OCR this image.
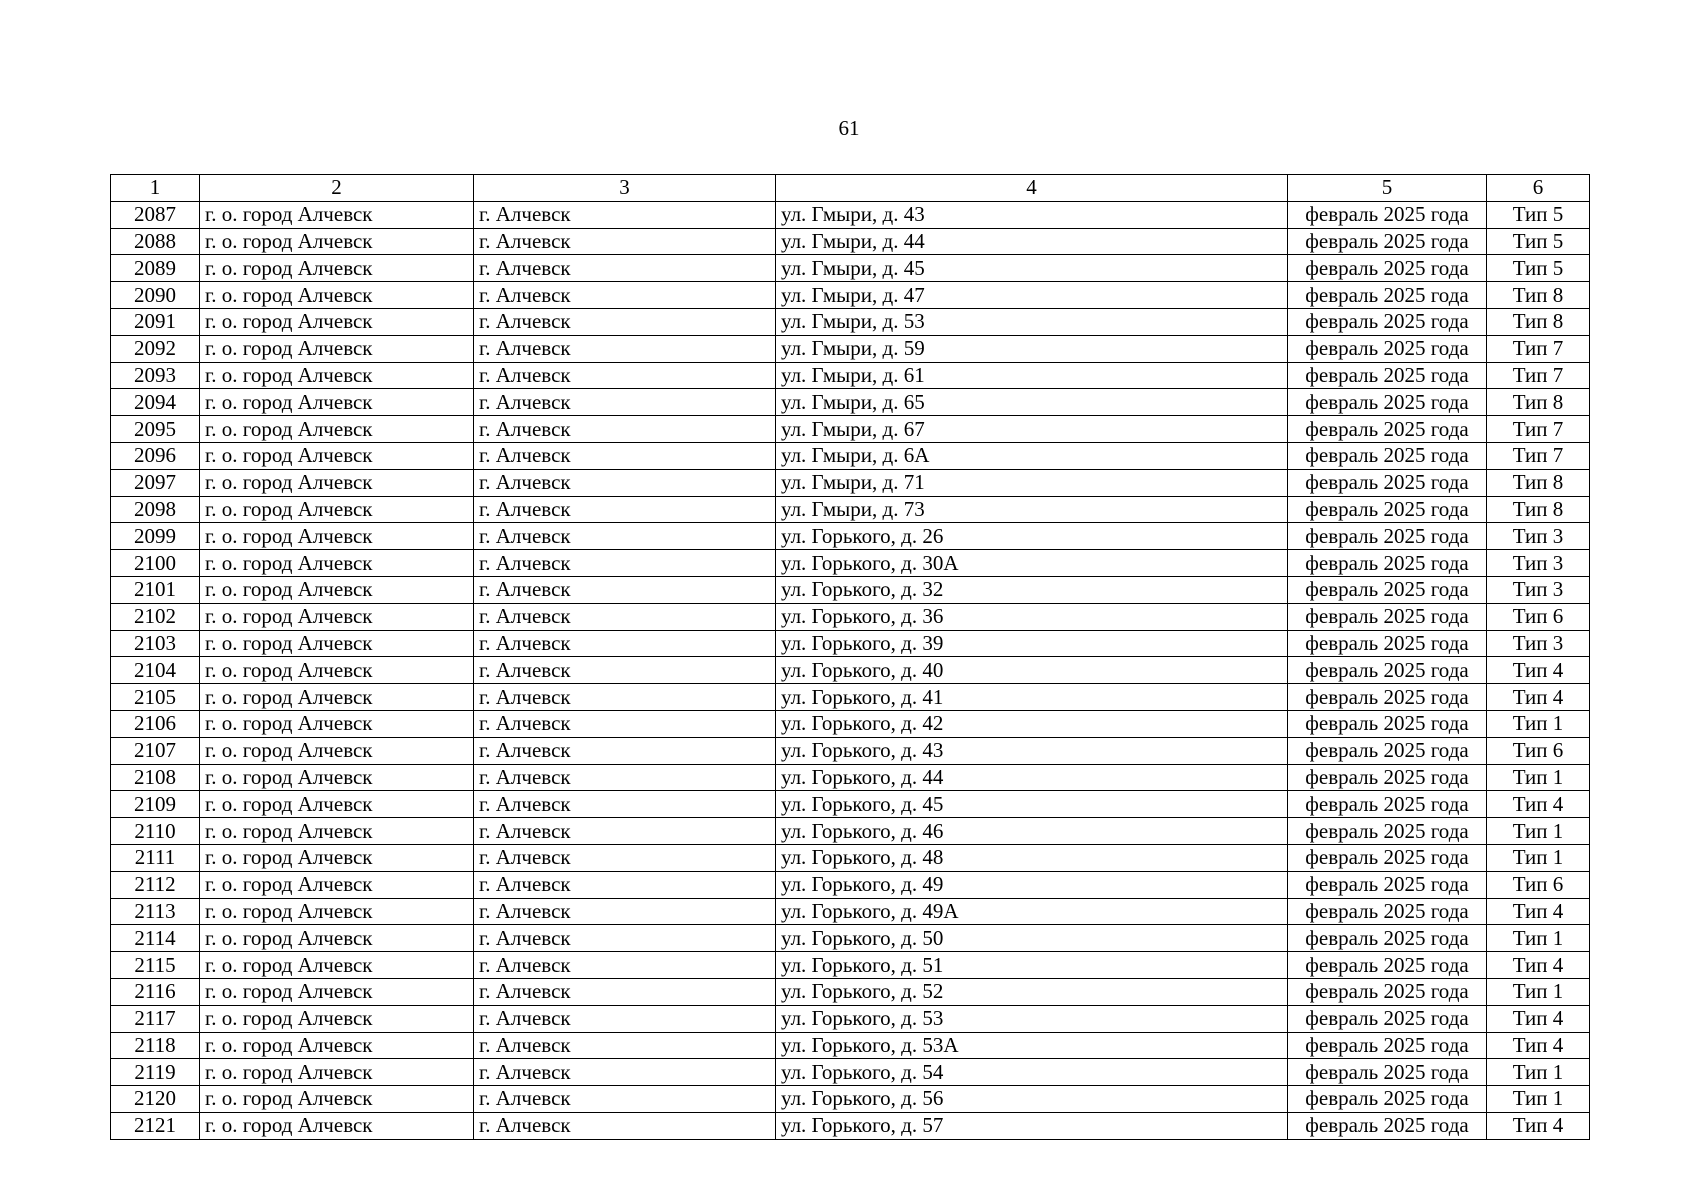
61
1	2	3	4	5	6
2087	г. о. город Алчевск	г. Алчевск	ул. Гмыри, д. 43	февраль 2025 года	Тип 5
2088	г. о. город Алчевск	г. Алчевск	ул. Гмыри, д. 44	февраль 2025 года	Тип 5
2089	г. о. город Алчевск	г. Алчевск	ул. Гмыри, д. 45	февраль 2025 года	Тип 5
2090	г. о. город Алчевск	г. Алчевск	ул. Гмыри, д. 47	февраль 2025 года	Тип 8
2091	г. о. город Алчевск	г. Алчевск	ул. Гмыри, д. 53	февраль 2025 года	Тип 8
2092	г. о. город Алчевск	г. Алчевск	ул. Гмыри, д. 59	февраль 2025 года	Тип 7
2093	г. о. город Алчевск	г. Алчевск	ул. Гмыри, д. 61	февраль 2025 года	Тип 7
2094	г. о. город Алчевск	г. Алчевск	ул. Гмыри, д. 65	февраль 2025 года	Тип 8
2095	г. о. город Алчевск	г. Алчевск	ул. Гмыри, д. 67	февраль 2025 года	Тип 7
2096	г. о. город Алчевск	г. Алчевск	ул. Гмыри, д. 6А	февраль 2025 года	Тип 7
2097	г. о. город Алчевск	г. Алчевск	ул. Гмыри, д. 71	февраль 2025 года	Тип 8
2098	г. о. город Алчевск	г. Алчевск	ул. Гмыри, д. 73	февраль 2025 года	Тип 8
2099	г. о. город Алчевск	г. Алчевск	ул. Горького, д. 26	февраль 2025 года	Тип 3
2100	г. о. город Алчевск	г. Алчевск	ул. Горького, д. 30А	февраль 2025 года	Тип 3
2101	г. о. город Алчевск	г. Алчевск	ул. Горького, д. 32	февраль 2025 года	Тип 3
2102	г. о. город Алчевск	г. Алчевск	ул. Горького, д. 36	февраль 2025 года	Тип 6
2103	г. о. город Алчевск	г. Алчевск	ул. Горького, д. 39	февраль 2025 года	Тип 3
2104	г. о. город Алчевск	г. Алчевск	ул. Горького, д. 40	февраль 2025 года	Тип 4
2105	г. о. город Алчевск	г. Алчевск	ул. Горького, д. 41	февраль 2025 года	Тип 4
2106	г. о. город Алчевск	г. Алчевск	ул. Горького, д. 42	февраль 2025 года	Тип 1
2107	г. о. город Алчевск	г. Алчевск	ул. Горького, д. 43	февраль 2025 года	Тип 6
2108	г. о. город Алчевск	г. Алчевск	ул. Горького, д. 44	февраль 2025 года	Тип 1
2109	г. о. город Алчевск	г. Алчевск	ул. Горького, д. 45	февраль 2025 года	Тип 4
2110	г. о. город Алчевск	г. Алчевск	ул. Горького, д. 46	февраль 2025 года	Тип 1
2111	г. о. город Алчевск	г. Алчевск	ул. Горького, д. 48	февраль 2025 года	Тип 1
2112	г. о. город Алчевск	г. Алчевск	ул. Горького, д. 49	февраль 2025 года	Тип 6
2113	г. о. город Алчевск	г. Алчевск	ул. Горького, д. 49А	февраль 2025 года	Тип 4
2114	г. о. город Алчевск	г. Алчевск	ул. Горького, д. 50	февраль 2025 года	Тип 1
2115	г. о. город Алчевск	г. Алчевск	ул. Горького, д. 51	февраль 2025 года	Тип 4
2116	г. о. город Алчевск	г. Алчевск	ул. Горького, д. 52	февраль 2025 года	Тип 1
2117	г. о. город Алчевск	г. Алчевск	ул. Горького, д. 53	февраль 2025 года	Тип 4
2118	г. о. город Алчевск	г. Алчевск	ул. Горького, д. 53А	февраль 2025 года	Тип 4
2119	г. о. город Алчевск	г. Алчевск	ул. Горького, д. 54	февраль 2025 года	Тип 1
2120	г. о. город Алчевск	г. Алчевск	ул. Горького, д. 56	февраль 2025 года	Тип 1
2121	г. о. город Алчевск	г. Алчевск	ул. Горького, д. 57	февраль 2025 года	Тип 4
